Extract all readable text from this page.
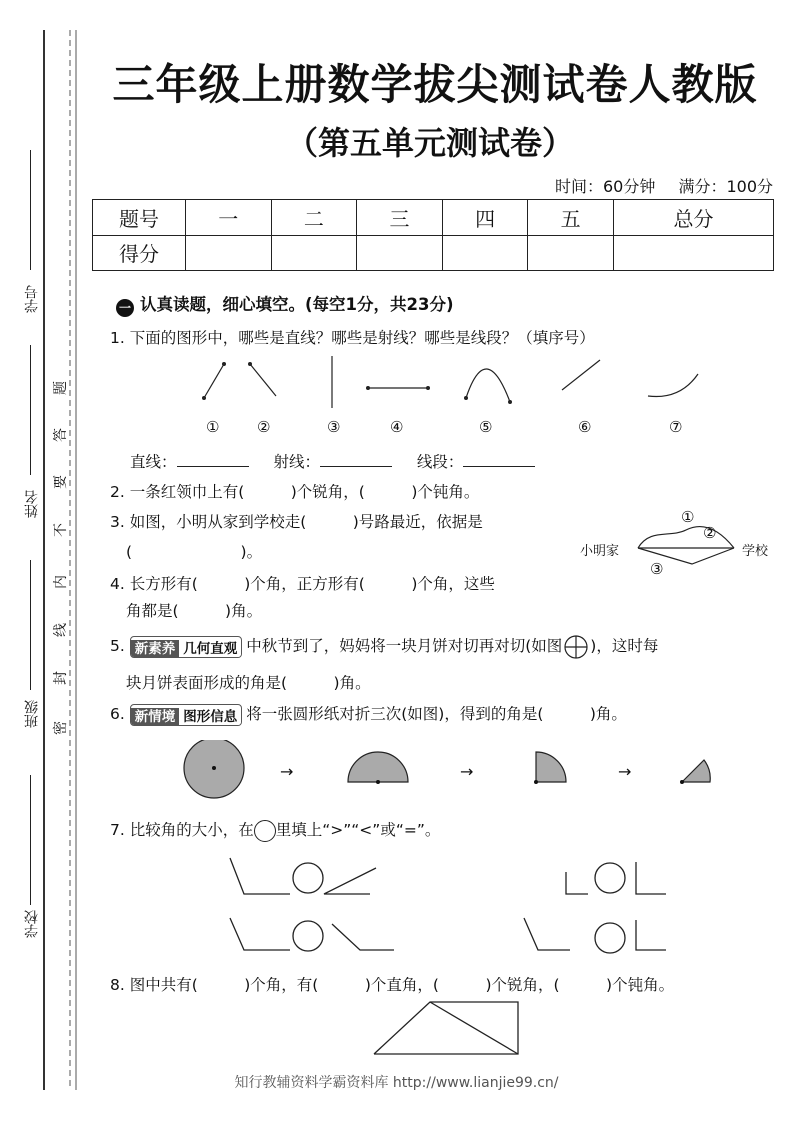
学号
姓名
班级
学校
题
答
要
不
内
线
封
密
三年级上册数学拔尖测试卷人教版
（第五单元测试卷）
时间：60分钟 满分：100分
题号	一	二	三	四	五	总分
得分						
一 认真读题，细心填空。(每空1分，共23分)
1. 下面的图形中，哪些是直线？哪些是射线？哪些是线段？（填序号）
①	②	③	④	⑤	⑥	⑦
直线：	射线：	线段：
2. 一条红领巾上有(　　　)个锐角，(　　　)个钝角。
3. 如图，小明从家到学校走(　　　)号路最近，依据是
(　　　　　　　)。	小明家	学校
①
②
③
4. 长方形有(　　　)个角，正方形有(　　　)个角，这些
角都是(　　　)角。
5. 新素养 几何直观 中秋节到了，妈妈将一块月饼对切再对切(如图 )，这时每
块月饼表面形成的角是(　　　)角。
6. 新情境 图形信息 将一张圆形纸对折三次(如图)，得到的角是(　　　)角。
→	→	→
7. 比较角的大小，在 里填上“>”“<”或“=”。
8. 图中共有(　　　)个角，有(　　　)个直角，(　　　)个锐角，(　　　)个钝角。
知行教辅资料学霸资料库 http://www.lianjie99.cn/
